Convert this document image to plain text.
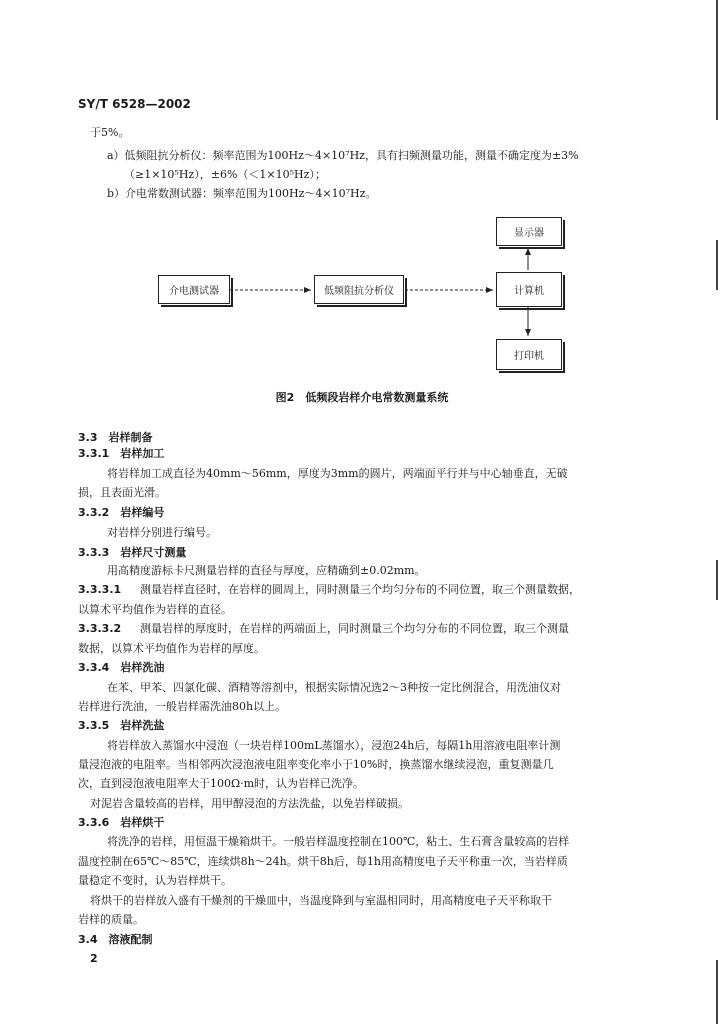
SY/T 6528—2002
于5%。
a）低频阻抗分析仪：频率范围为100Hz～4×10⁷Hz，具有扫频测量功能，测量不确定度为±3%
（≥1×10⁵Hz），±6%（＜1×10⁵Hz）；
b）介电常数测试器：频率范围为100Hz～4×10⁷Hz。
显示器
介电测试器	低频阻抗分析仪	计算机
打印机
图2　低频段岩样介电常数测量系统
3.3　岩样制备
3.3.1　岩样加工
将岩样加工成直径为40mm～56mm，厚度为3mm的圆片，两端面平行并与中心轴垂直，无破
损，且表面光滑。
3.3.2　岩样编号
对岩样分别进行编号。
3.3.3　岩样尺寸测量
用高精度游标卡尺测量岩样的直径与厚度，应精确到±0.02mm。
3.3.3.1 测量岩样直径时，在岩样的圆周上，同时测量三个均匀分布的不同位置，取三个测量数据，
以算术平均值作为岩样的直径。
3.3.3.2 测量岩样的厚度时，在岩样的两端面上，同时测量三个均匀分布的不同位置，取三个测量
数据，以算术平均值作为岩样的厚度。
3.3.4　岩样洗油
在苯、甲苯、四氯化碳、酒精等溶剂中，根据实际情况选2～3种按一定比例混合，用洗油仪对
岩样进行洗油，一般岩样需洗油80h以上。
3.3.5　岩样洗盐
将岩样放入蒸馏水中浸泡（一块岩样100mL蒸馏水），浸泡24h后，每隔1h用溶液电阻率计测
量浸泡液的电阻率。当相邻两次浸泡液电阻率变化率小于10%时，换蒸馏水继续浸泡，重复测量几
次，直到浸泡液电阻率大于100Ω·m时，认为岩样已洗净。
对泥岩含量较高的岩样，用甲醇浸泡的方法洗盐，以免岩样破损。
3.3.6　岩样烘干
将洗净的岩样，用恒温干燥箱烘干。一般岩样温度控制在100℃，粘土、生石膏含量较高的岩样
温度控制在65℃～85℃，连续烘8h～24h。烘干8h后，每1h用高精度电子天平称重一次，当岩样质
量稳定不变时，认为岩样烘干。
将烘干的岩样放入盛有干燥剂的干燥皿中，当温度降到与室温相同时，用高精度电子天平称取干
岩样的质量。
3.4　溶液配制
2
